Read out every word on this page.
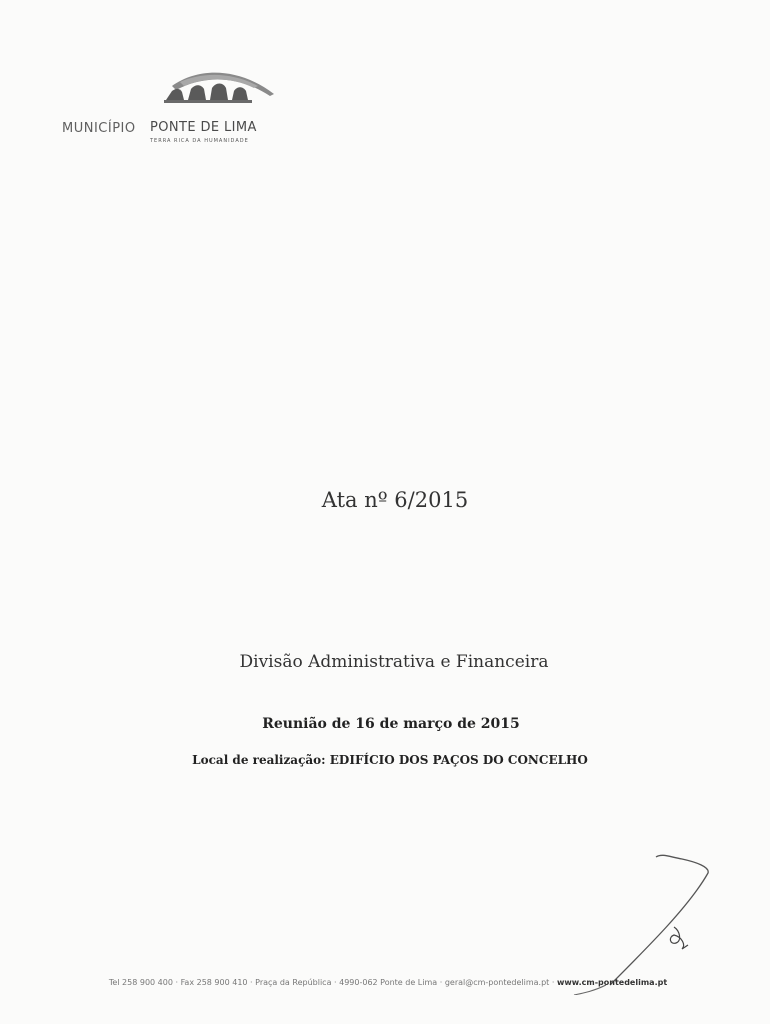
MUNICÍPIO PONTE DE LIMA
TERRA RICA DA HUMANIDADE
Ata nº 6/2015
Divisão Administrativa e Financeira
Reunião de 16 de março de 2015
Local de realização: EDIFÍCIO DOS PAÇOS DO CONCELHO
Tel 258 900 400 · Fax 258 900 410 · Praça da República · 4990-062 Ponte de Lima · geral@cm-pontedelima.pt · www.cm-pontedelima.pt
